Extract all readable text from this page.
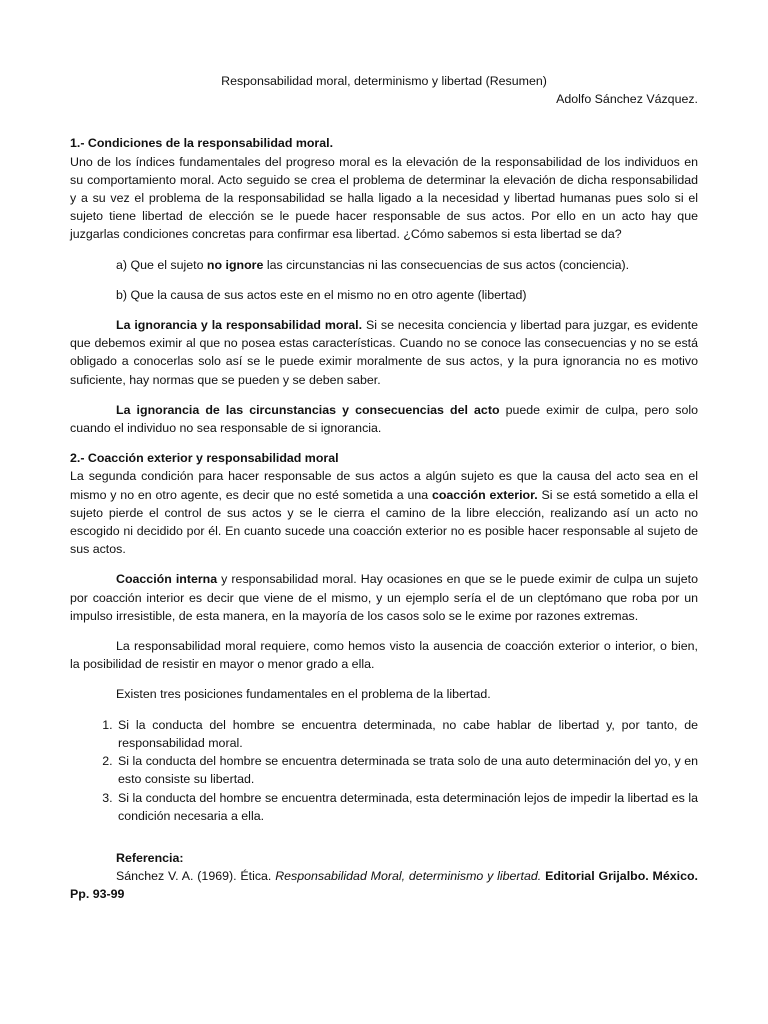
Responsabilidad moral, determinismo y libertad (Resumen)

Adolfo Sánchez Vázquez.

1.- Condiciones de la responsabilidad moral.

Uno de los índices fundamentales del progreso moral es la elevación de la responsabilidad de los individuos en su comportamiento moral. Acto seguido se crea el problema de determinar la elevación de dicha responsabilidad y a su vez el problema de la responsabilidad se halla ligado a la necesidad y libertad humanas pues solo si el sujeto tiene libertad de elección se le puede hacer responsable de sus actos. Por ello en un acto hay que juzgarlas condiciones concretas para confirmar esa libertad. ¿Cómo sabemos si esta libertad se da?

a) Que el sujeto no ignore las circunstancias ni las consecuencias de sus actos (conciencia).

b) Que la causa de sus actos este en el mismo no en otro agente (libertad)

La ignorancia y la responsabilidad moral. Si se necesita conciencia y libertad para juzgar, es evidente que debemos eximir al que no posea estas características. Cuando no se conoce las consecuencias y no se está obligado a conocerlas solo así se le puede eximir moralmente de sus actos, y la pura ignorancia no es motivo suficiente, hay normas que se pueden y se deben saber.

La ignorancia de las circunstancias y consecuencias del acto puede eximir de culpa, pero solo cuando el individuo no sea responsable de si ignorancia.

2.- Coacción exterior y responsabilidad moral

La segunda condición para hacer responsable de sus actos a algún sujeto es que la causa del acto sea en el mismo y no en otro agente, es decir que no esté sometida a una coacción exterior. Si se está sometido a ella el sujeto pierde el control de sus actos y se le cierra el camino de la libre elección, realizando así un acto no escogido ni decidido por él. En cuanto sucede una coacción exterior no es posible hacer responsable al sujeto de sus actos.

Coacción interna y responsabilidad moral. Hay ocasiones en que se le puede eximir de culpa un sujeto por coacción interior es decir que viene de el mismo, y un ejemplo sería el de un cleptómano que roba por un impulso irresistible, de esta manera, en la mayoría de los casos solo se le exime por razones extremas.

La responsabilidad moral requiere, como hemos visto la ausencia de coacción exterior o interior, o bien, la posibilidad de resistir en mayor o menor grado a ella.

Existen tres posiciones fundamentales en el problema de la libertad.

1. Si la conducta del hombre se encuentra determinada, no cabe hablar de libertad y, por tanto, de responsabilidad moral.
2. Si la conducta del hombre se encuentra determinada se trata solo de una auto determinación del yo, y en esto consiste su libertad.
3. Si la conducta del hombre se encuentra determinada, esta determinación lejos de impedir la libertad es la condición necesaria a ella.

Referencia:

Sánchez V. A. (1969). Ética. Responsabilidad Moral, determinismo y libertad. Editorial Grijalbo. México. Pp. 93-99
